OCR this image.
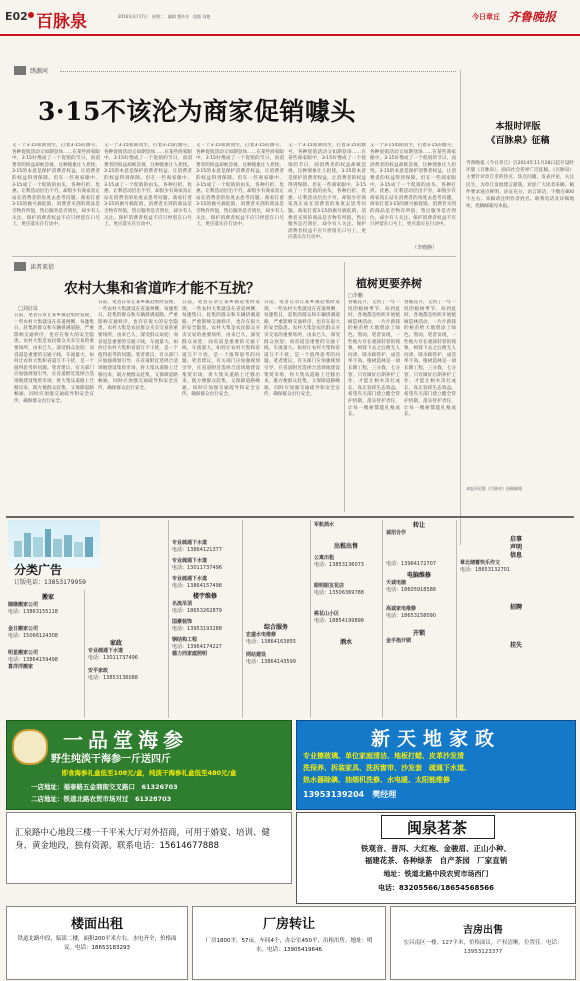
E02 百脉泉	2016年3月17日　星期二　编辑 翟传木　组版 刘艳	今日章丘 齐鲁晚报
绣源河
3·15不该沦为商家促销噱头
又一个3·15如期而至，打着3·15的旗号，各种促销活动又如期登场……在某些商家眼中，3·15好像成了一个促销的节日，而消费者的权益却被忽视，这种现象让人担忧。3·15的本意是保护消费者权益，让消费者的权益得到保障。但在一些商家眼中，3·15成了一个促销的由头，各种打折、优惠、让利活动层出不穷，却很少有商家真正站在消费者的角度去思考问题。商家打着3·15的旗号搞促销，消费者买到的商品是否物有所值，售后服务是否到位，却少有人关注。保护消费者权益不应只停留在口号上，更应落实在行动中。
又一个3·15如期而至，打着3·15的旗号，各种促销活动又如期登场……在某些商家眼中，3·15好像成了一个促销的节日，而消费者的权益却被忽视，这种现象让人担忧。3·15的本意是保护消费者权益，让消费者的权益得到保障。但在一些商家眼中，3·15成了一个促销的由头，各种打折、优惠、让利活动层出不穷，却很少有商家真正站在消费者的角度去思考问题。商家打着3·15的旗号搞促销，消费者买到的商品是否物有所值，售后服务是否到位，却少有人关注。保护消费者权益不应只停留在口号上，更应落实在行动中。
又一个3·15如期而至，打着3·15的旗号，各种促销活动又如期登场……在某些商家眼中，3·15好像成了一个促销的节日，而消费者的权益却被忽视，这种现象让人担忧。3·15的本意是保护消费者权益，让消费者的权益得到保障。但在一些商家眼中，3·15成了一个促销的由头，各种打折、优惠、让利活动层出不穷，却很少有商家真正站在消费者的角度去思考问题。商家打着3·15的旗号搞促销，消费者买到的商品是否物有所值，售后服务是否到位，却少有人关注。保护消费者权益不应只停留在口号上，更应落实在行动中。
又一个3·15如期而至，打着3·15的旗号，各种促销活动又如期登场……在某些商家眼中，3·15好像成了一个促销的节日，而消费者的权益却被忽视，这种现象让人担忧。3·15的本意是保护消费者权益，让消费者的权益得到保障。但在一些商家眼中，3·15成了一个促销的由头，各种打折、优惠、让利活动层出不穷，却很少有商家真正站在消费者的角度去思考问题。商家打着3·15的旗号搞促销，消费者买到的商品是否物有所值，售后服务是否到位，却少有人关注。保护消费者权益不应只停留在口号上，更应落实在行动中。
又一个3·15如期而至，打着3·15的旗号，各种促销活动又如期登场……在某些商家眼中，3·15好像成了一个促销的节日，而消费者的权益却被忽视，这种现象让人担忧。3·15的本意是保护消费者权益，让消费者的权益得到保障。但在一些商家眼中，3·15成了一个促销的由头，各种打折、优惠、让利活动层出不穷，却很少有商家真正站在消费者的角度去思考问题。商家打着3·15的旗号搞促销，消费者买到的商品是否物有所值，售后服务是否到位，却少有人关注。保护消费者权益不应只停留在口号上，更应落实在行动中。
（李晓静）
本报时评版
《百脉泉》征稿
齐鲁晚报《今日章丘》自2014年11月28日起开设时评版《百脉泉》，面向社会各界广泛征稿。《百脉泉》主要针对章丘市的热点、焦点问题，发表评论，关注民生，为章丘发展建言献策。欢迎广大读者来稿，稿件要求观点鲜明、论证充分、语言简洁，字数在800字左右。来稿请注明作者姓名、联系电话及详细地址。投稿邮箱见本报。
本报评论版《百脉泉》投稿邮箱
读者来信
农村大集和省道咋才能不互扰？
□刘启泉
日前，笔者在章丘某乡镇赶集时发现，一些农村大集就设在省道两侧，每逢集日，赶集的群众和车辆挤满道路，严重影响交通秩序，也存在很大的安全隐患。农村大集是农民群众买卖交易的重要场所，由来已久，深受群众欢迎；而省道是重要的交通干线，车流量大。如何让农村大集和省道互不干扰，是一个值得思考的问题。笔者建议，有关部门应加强规划引导，在省道附近选择合适场地建设集贸市场，将大集从道路上迁移出来，既方便群众赶集，又保障道路畅通，同时应加强交通疏导和安全宣传，确保群众出行安全。
日前，笔者在章丘某乡镇赶集时发现，一些农村大集就设在省道两侧，每逢集日，赶集的群众和车辆挤满道路，严重影响交通秩序，也存在很大的安全隐患。农村大集是农民群众买卖交易的重要场所，由来已久，深受群众欢迎；而省道是重要的交通干线，车流量大。如何让农村大集和省道互不干扰，是一个值得思考的问题。笔者建议，有关部门应加强规划引导，在省道附近选择合适场地建设集贸市场，将大集从道路上迁移出来，既方便群众赶集，又保障道路畅通，同时应加强交通疏导和安全宣传，确保群众出行安全。
日前，笔者在章丘某乡镇赶集时发现，一些农村大集就设在省道两侧，每逢集日，赶集的群众和车辆挤满道路，严重影响交通秩序，也存在很大的安全隐患。农村大集是农民群众买卖交易的重要场所，由来已久，深受群众欢迎；而省道是重要的交通干线，车流量大。如何让农村大集和省道互不干扰，是一个值得思考的问题。笔者建议，有关部门应加强规划引导，在省道附近选择合适场地建设集贸市场，将大集从道路上迁移出来，既方便群众赶集，又保障道路畅通，同时应加强交通疏导和安全宣传，确保群众出行安全。
日前，笔者在章丘某乡镇赶集时发现，一些农村大集就设在省道两侧，每逢集日，赶集的群众和车辆挤满道路，严重影响交通秩序，也存在很大的安全隐患。农村大集是农民群众买卖交易的重要场所，由来已久，深受群众欢迎；而省道是重要的交通干线，车流量大。如何让农村大集和省道互不干扰，是一个值得思考的问题。笔者建议，有关部门应加强规划引导，在省道附近选择合适场地建设集贸市场，将大集从道路上迁移出来，既方便群众赶集，又保障道路畅通，同时应加强交通疏导和安全宣传，确保群众出行安全。
植树更要养树
□李鹏
春暖花开，又到了一年一度的植树季节。每到此时，各地都会组织开展植树造林活动，一片片新栽的树苗给大地增添了绿色。然而，笔者发现，一些地方存在重栽轻管的现象，树栽下去之后便无人问津，缺水缺管护，成活率不高。植树造林是一项长期工程，三分栽，七分管。只有做好后期养护工作，才能让树木茁壮成长，真正发挥生态效益。希望有关部门建立健全管护机制，落实管护责任，让每一棵树都能扎根成长。
春暖花开，又到了一年一度的植树季节。每到此时，各地都会组织开展植树造林活动，一片片新栽的树苗给大地增添了绿色。然而，笔者发现，一些地方存在重栽轻管的现象，树栽下去之后便无人问津，缺水缺管护，成活率不高。植树造林是一项长期工程，三分栽，七分管。只有做好后期养护工作，才能让树木茁壮成长，真正发挥生态效益。希望有关部门建立健全管护机制，落实管护责任，让每一棵树都能扎根成长。
分类广告
订版电话：13853179959
搬家
随缘搬家公司
电话：13863155118
金日搬家公司
电话：15066124308
明星搬家公司
电话：13864159498
喜洋洋搬家
家政
专业疏通下水道
电话：13011737496
安平家政
电话：13853136088
专业疏通下水道
电话：13864121377
专业疏通下水道
电话：13011737496
专业疏通下水道
电话：13864157498
楼宇维修
名流吊顶
电话：18653262879
国豪装饰
电话：13953193288
钢结构工程
电话：13964174227
德力西家庭照明
综合服务
宏盛水电维修
电话：13864163855
网站建设
电话：13864143599
军航酒水
出租出售
公寓出租
电话：13853136073
眼明眼友花店
电话：13506369788
桃花山小区
电话：18854199898
酒水
转让
诚招合作
电话：13964172707
电脑维修
天诚电脑
电话：18605918588
高诚家电维修
电话：18653158090
开锁
金手指开锁
启事
声明
信息
章北储蓄快乐作文
电话：18653132701
招聘
挂失
一品堂海参
野生纯淡干海参一斤送四斤
即食海参礼盒低至108元/盒，纯淡干海参礼盒低至480元/盒
一店地址：福泰路五金商街交叉路口　61326703
二店地址：铁道北路农贸市场对过　61328703
新天地家政
专业擦玻璃、单位家庭清洁、地板打蜡、皮革沙发清
洗保养、拆装家具、洗拆窗帘、沙发套　疏通下水道、
热水器除碘、油烟机洗修、水电暖、太阳能维修
13953139204　樊经理
汇泉路中心地段三楼一千平米大厅对外招商，可用于婚宴、培训、健身、黄金地段，独有资源。联系电话：15614677888
闽泉茗茶
铁观音、普洱、大红袍、金骏眉、正山小种、
福建花茶、各种绿茶　自产茶园　厂家直销
地址：铁道北路中段农贸市场西门
电话：83205566/18654568566
楼面出租
铁道北路中段，临街二楼，面积200平米左右，水电齐全，价格面议。电话：18653183293
厂房转让
厂房1800平，57亩，车间4个，办公室450平，出租出售。地址：明水。电话：13905419646
吉房出售
宏昌南区一楼，127平米，价格面议。产权清晰，位置佳。电话：13953123377
